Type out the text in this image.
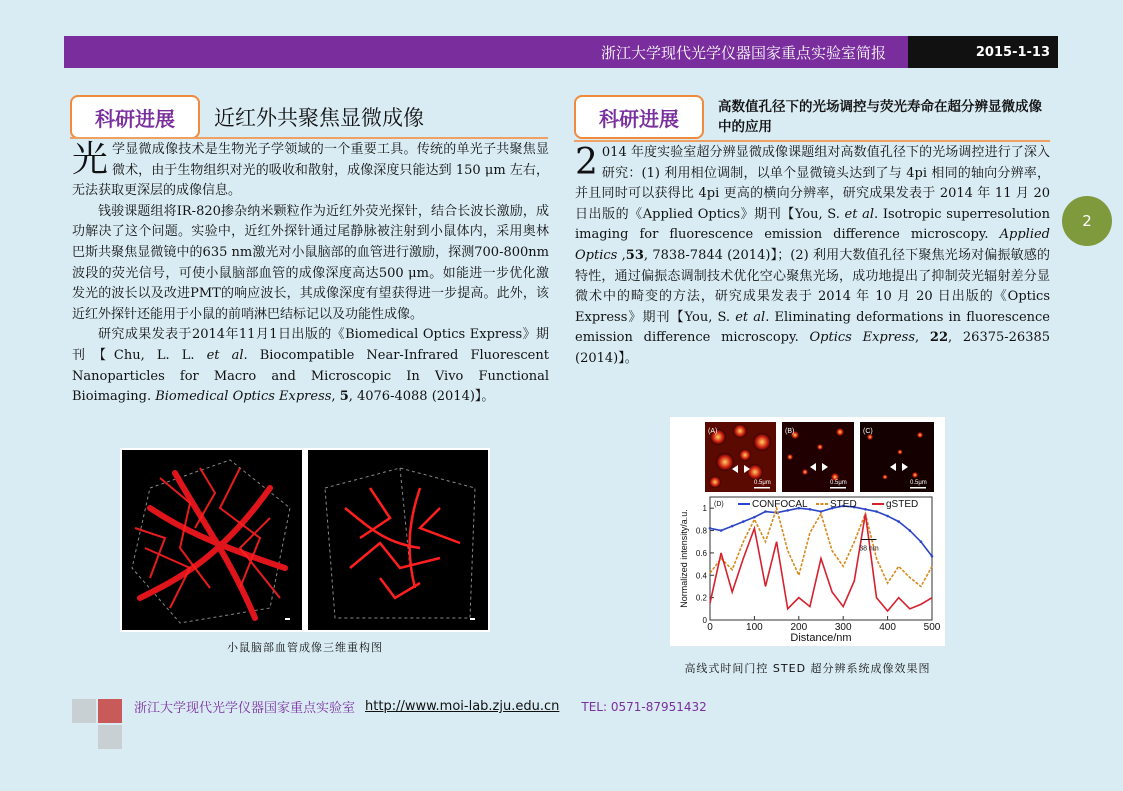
浙江大学现代光学仪器国家重点实验室简报	2015-1-13
2
科研进展	近红外共聚焦显微成像
光 学显微成像技术是生物光子学领域的一个重要工具。传统的单光子共聚焦显微术，由于生物组织对光的吸收和散射，成像深度只能达到 150 μm 左右，无法获取更深层的成像信息。

钱骏课题组将IR-820掺杂纳米颗粒作为近红外荧光探针，结合长波长激励，成功解决了这个问题。实验中，近红外探针通过尾静脉被注射到小鼠体内，采用奥林巴斯共聚焦显微镜中的635 nm激光对小鼠脑部的血管进行激励，探测700-800nm波段的荧光信号，可使小鼠脑部血管的成像深度高达500 μm。如能进一步优化激发光的波长以及改进PMT的响应波长，其成像深度有望获得进一步提高。此外，该近红外探针还能用于小鼠的前哨淋巴结标记以及功能性成像。

研究成果发表于2014年11月1日出版的《Biomedical Optics Express》期刊【Chu, L. L. et al. Biocompatible Near-Infrared Fluorescent Nanoparticles for Macro and Microscopic In Vivo Functional Bioimaging. Biomedical Optics Express, 5, 4076-4088 (2014)】。

小鼠脑部血管成像三维重构图
科研进展	高数值孔径下的光场调控与荧光寿命在超分辨显微成像中的应用
2 014 年度实验室超分辨显微成像课题组对高数值孔径下的光场调控进行了深入研究：(1) 利用相位调制，以单个显微镜头达到了与 4pi 相同的轴向分辨率，并且同时可以获得比 4pi 更高的横向分辨率，研究成果发表于 2014 年 11 月 20 日出版的《Applied Optics》期刊【You, S. et al. Isotropic superresolution imaging for fluorescence emission difference microscopy. Applied Optics ,53, 7838-7844 (2014)】；(2) 利用大数值孔径下聚焦光场对偏振敏感的特性，通过偏振态调制技术优化空心聚焦光场，成功地提出了抑制荧光辐射差分显微术中的畸变的方法，研究成果发表于 2014 年 10 月 20 日出版的《Optics Express》期刊【You, S. et al. Eliminating deformations in fluorescence emission difference microscopy. Optics Express, 22, 26375-26385 (2014)】。

(A)	(B)	(C)
0.5μm	0.5μm	0.5μm
0	100	200	300	400	500
0
0.2
0.4
0.6
0.8
1
Distance/nm
Normalized intensity/a.u.
(D)	CONFOCAL STED	gSTED
38 nm
高线式时间门控 STED 超分辨系统成像效果图
浙江大学现代光学仪器国家重点实验室 http://www.moi-lab.zju.edu.cn TEL: 0571-87951432
